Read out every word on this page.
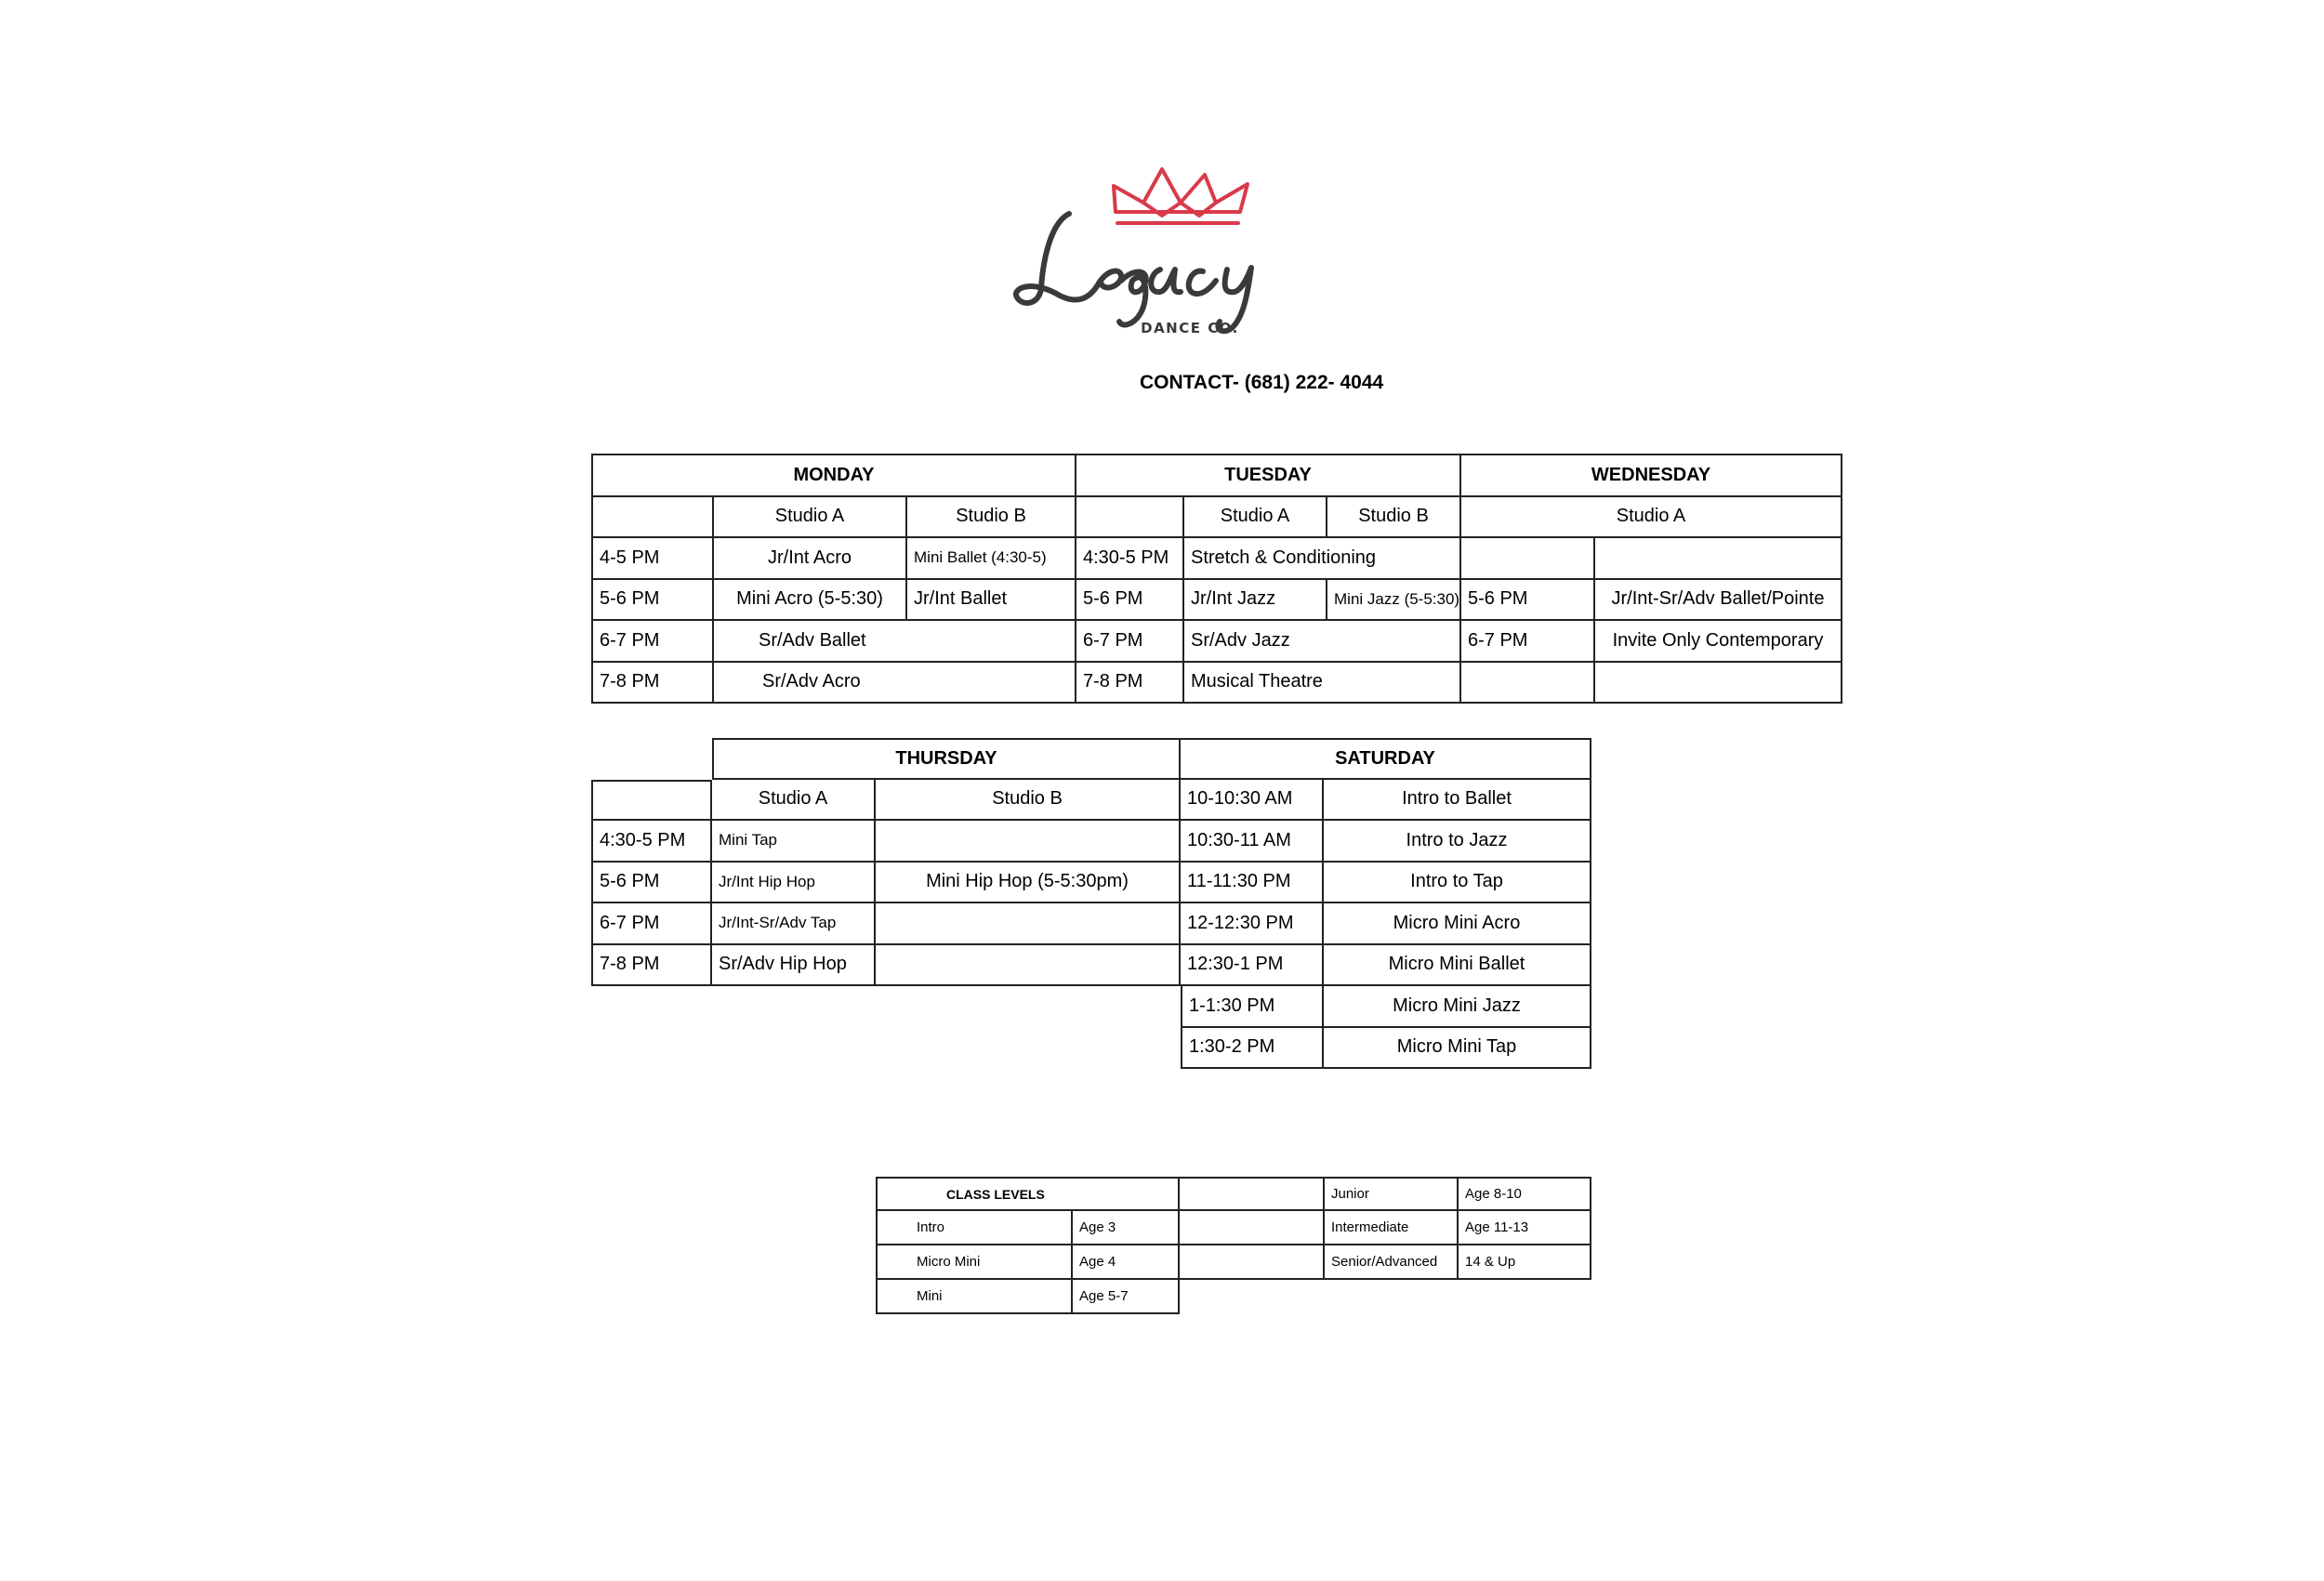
DANCE CO.
CONTACT- (681) 222- 4044
MONDAY	TUESDAY	WEDNESDAY
Studio A	Studio B	Studio A	Studio B	Studio A
4-5 PM	Jr/Int Acro	Mini Ballet (4:30-5)	4:30-5 PM	Stretch & Conditioning
5-6 PM	Mini Acro (5-5:30)	Jr/Int Ballet	5-6 PM	Jr/Int Jazz	Mini Jazz (5-5:30) 5-6 PM	Jr/Int-Sr/Adv Ballet/Pointe
6-7 PM	Sr/Adv Ballet	6-7 PM	Sr/Adv Jazz	6-7 PM	Invite Only Contemporary
7-8 PM	Sr/Adv Acro	7-8 PM	Musical Theatre
THURSDAY	SATURDAY
Studio A	Studio B	10-10:30 AM	Intro to Ballet
4:30-5 PM	Mini Tap	10:30-11 AM	Intro to Jazz
5-6 PM	Jr/Int Hip Hop	Mini Hip Hop (5-5:30pm)	11-11:30 PM	Intro to Tap
6-7 PM	Jr/Int-Sr/Adv Tap	12-12:30 PM	Micro Mini Acro
7-8 PM	Sr/Adv Hip Hop	12:30-1 PM	Micro Mini Ballet
1-1:30 PM	Micro Mini Jazz
1:30-2 PM	Micro Mini Tap
CLASS LEVELS	Junior	Age 8-10
Intro	Age 3	Intermediate	Age 11-13
Micro Mini	Age 4	Senior/Advanced	14 & Up
Mini	Age 5-7
